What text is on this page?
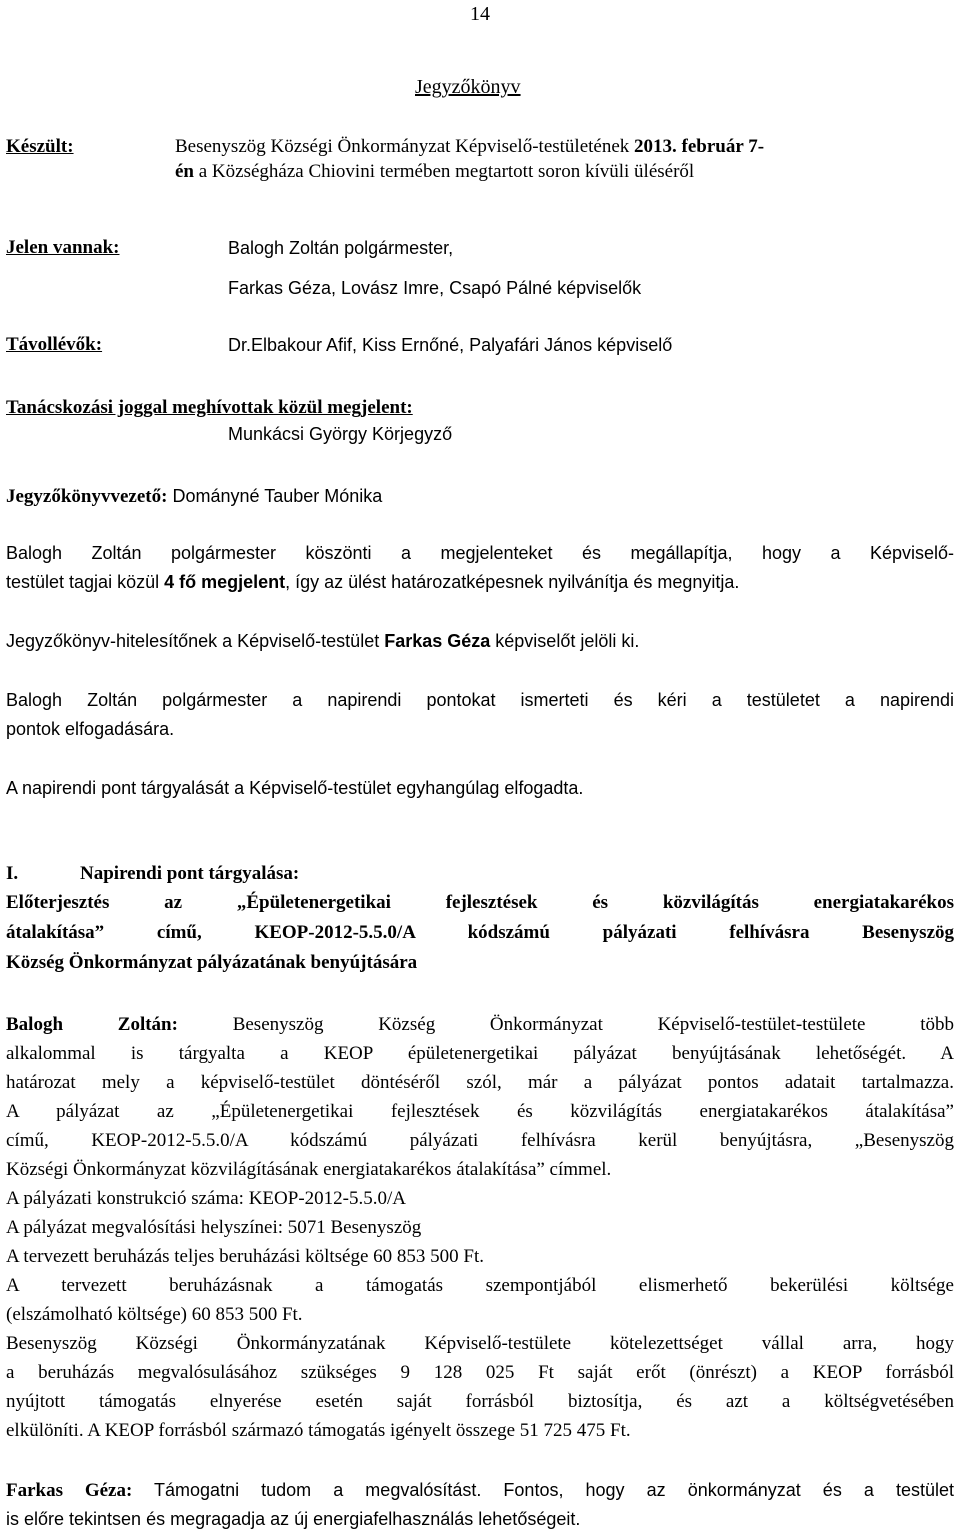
14
Jegyzőkönyv
Készült:	Besenyszög Községi Önkormányzat Képviselő-testületének 2013. február 7-
én a Községháza Chiovini termében megtartott soron kívüli üléséről
Jelen vannak:	Balogh Zoltán polgármester,
Farkas Géza, Lovász Imre, Csapó Pálné képviselők
Távollévők:	Dr.Elbakour Afif, Kiss Ernőné, Palyafári János képviselő
Tanácskozási joggal meghívottak közül megjelent:
Munkácsi György Körjegyző
Jegyzőkönyvvezető: Dományné Tauber Mónika
Balogh Zoltán polgármester köszönti a megjelenteket és megállapítja, hogy a Képviselő-
testület tagjai közül 4 fő megjelent, így az ülést határozatképesnek nyilvánítja és megnyitja.
Jegyzőkönyv-hitelesítőnek a Képviselő-testület Farkas Géza képviselőt jelöli ki.
Balogh Zoltán polgármester a napirendi pontokat ismerteti és kéri a testületet a napirendi
pontok elfogadására.
A napirendi pont tárgyalását a Képviselő-testület egyhangúlag elfogadta.
I.	Napirendi pont tárgyalása:
Előterjesztés az „Épületenergetikai fejlesztések és közvilágítás energiatakarékos
átalakítása” című, KEOP-2012-5.5.0/A kódszámú pályázati felhívásra Besenyszög
Község Önkormányzat pályázatának benyújtására
Balogh Zoltán: Besenyszög Község Önkormányzat Képviselő-testület-testülete több
alkalommal is tárgyalta a KEOP épületenergetikai pályázat benyújtásának lehetőségét. A
határozat mely a képviselő-testület döntéséről szól, már a pályázat pontos adatait tartalmazza.
A pályázat az „Épületenergetikai fejlesztések és közvilágítás energiatakarékos átalakítása”
című, KEOP-2012-5.5.0/A kódszámú pályázati felhívásra kerül benyújtásra, „Besenyszög
Községi Önkormányzat közvilágításának energiatakarékos átalakítása” címmel.
A pályázati konstrukció száma: KEOP-2012-5.5.0/A
A pályázat megvalósítási helyszínei: 5071 Besenyszög
A tervezett beruházás teljes beruházási költsége 60 853 500 Ft.
A tervezett beruházásnak a támogatás szempontjából elismerhető bekerülési költsége
(elszámolható költsége) 60 853 500 Ft.
Besenyszög Községi Önkormányzatának Képviselő-testülete kötelezettséget vállal arra, hogy
a beruházás megvalósulásához szükséges 9 128 025 Ft saját erőt (önrészt) a KEOP forrásból
nyújtott támogatás elnyerése esetén saját forrásból biztosítja, és azt a költségvetésében
elkülöníti. A KEOP forrásból származó támogatás igényelt összege 51 725 475 Ft.
Farkas Géza: Támogatni tudom a megvalósítást. Fontos, hogy az önkormányzat és a testület
is előre tekintsen és megragadja az új energiafelhasználás lehetőségeit.
